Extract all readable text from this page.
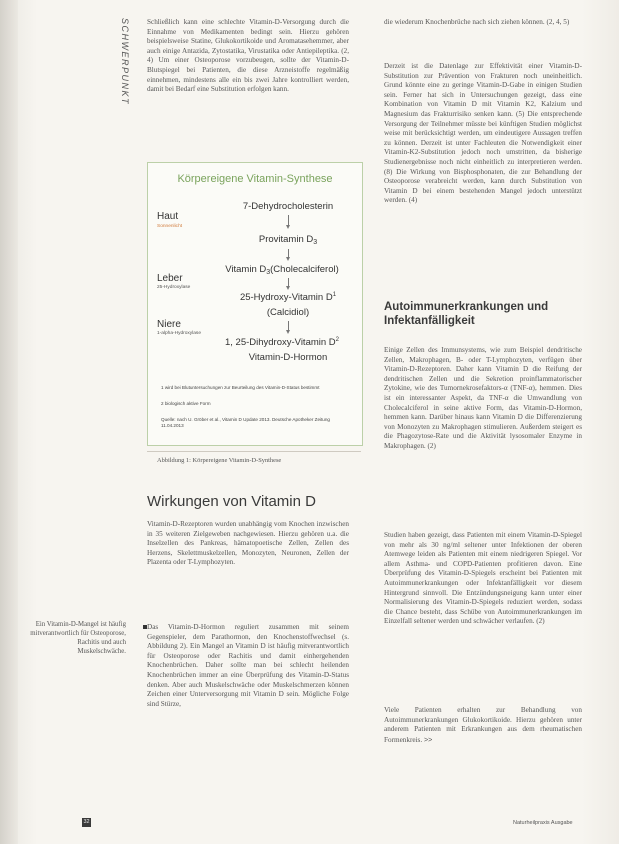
SCHWERPUNKT Schließlich kann eine schlechte Vitamin-D-Versorgung durch die Einnahme von Medikamenten bedingt sein. Hierzu gehören beispielsweise Statine, Glukokortikoide und Aromatasehemmer, aber auch einige Antazida, Zytostatika, Virustatika oder Antiepileptika. (2, 4) Um einer Osteoporose vorzubeugen, sollte der Vitamin-D-Blutspiegel bei Patienten, die diese Arzneistoffe regelmäßig einnehmen, mindestens alle ein bis zwei Jahre kontrolliert werden, damit bei Bedarf eine Substitution erfolgen kann.

Körpereigene Vitamin-Synthese
Haut
Sonnenlicht
7-Dehydrocholesterin
Provitamin $D_3$
Vitamin $D_3(Cholecalciferol)$
Leber
25-Hydroxylase
25-Hydroxy-Vitamin $D^1$
(Calcidiol)
Niere
1-alpha-Hydroxylase
1, 25-Dihydroxy-Vitamin $D^2$
Vitamin-D-Hormon
1 wird bei Blutuntersuchungen zur Beurteilung des Vitamin-D-Status bestimmt
2 biologisch aktive Form
Quelle: nach U. Gröber et al., Vitamin D Update 2013. Deutsche Apotheker Zeitung 11.04.2013
Abbildung 1: Körpereigene Vitamin-D-Synthese
Wirkungen von Vitamin D

Vitamin-D-Rezeptoren wurden unabhängig vom Knochen inzwischen in 35 weiteren Zielgeweben nachgewiesen. Hierzu gehören u.a. die Inselzellen des Pankreas, hämatopoetische Zellen, Zellen des Herzens, Skelettmuskelzellen, Monozyten, Neuronen, Zellen der Plazenta oder T-Lymphozyten.

Das Vitamin-D-Hormon reguliert zusammen mit seinem Gegenspieler, dem Parathormon, den Knochenstoffwechsel (s. Abbildung 2). Ein Mangel an Vitamin D ist häufig mitverantwortlich für Osteoporose oder Rachitis und damit einhergehenden Knochenbrüchen. Daher sollte man bei schlecht heilenden Knochenbrüchen immer an eine Überprüfung des Vitamin-D-Status denken. Aber auch Muskelschwäche oder Muskelschmerzen können Zeichen einer Unterversorgung mit Vitamin D sein. Mögliche Folge sind Stürze,

Ein Vitamin-D-Mangel ist häufig mitverantwortlich für Osteoporose, Rachitis und auch Muskelschwäche.

die wiederum Knochenbrüche nach sich ziehen können. (2, 4, 5)

Derzeit ist die Datenlage zur Effektivität einer Vitamin-D-Substitution zur Prävention von Frakturen noch uneinheitlich. Grund könnte eine zu geringe Vitamin-D-Gabe in einigen Studien sein. Ferner hat sich in Untersuchungen gezeigt, dass eine Kombination von Vitamin D mit Vitamin K2, Kalzium und Magnesium das Frakturrisiko senken kann. (5) Die entsprechende Versorgung der Teilnehmer müsste bei künftigen Studien möglichst weise mit berücksichtigt werden, um eindeutigere Aussagen treffen zu können. Derzeit ist unter Fachleuten die Notwendigkeit einer Vitamin-K2-Substitution jedoch noch umstritten, da bisherige Studienergebnisse noch nicht einheitlich zu interpretieren werden. (8) Die Wirkung von Bisphosphonaten, die zur Behandlung der Osteoporose verabreicht werden, kann durch Substitution von Vitamin D bei einem bestehenden Mangel jedoch unterstützt werden. (4)

Autoimmunerkrankungen und Infektanfälligkeit

Einige Zellen des Immunsystems, wie zum Beispiel dendritische Zellen, Makrophagen, B- oder T-Lymphozyten, verfügen über Vitamin-D-Rezeptoren. Daher kann Vitamin D die Reifung der dendritischen Zellen und die Sekretion proinflammatorischer Zytokine, wie des Tumornekrosefaktors-α (TNF-α), hemmen. Dies ist ein interessanter Aspekt, da TNF-α die Umwandlung von Cholecalciferol in seine aktive Form, das Vitamin-D-Hormon, hemmen kann. Darüber hinaus kann Vitamin D die Differenzierung von Monozyten zu Makrophagen stimulieren. Außerdem steigert es die Phagozytose-Rate und die Aktivität lysosomaler Enzyme in Makrophagen. (2)

Studien haben gezeigt, dass Patienten mit einem Vitamin-D-Spiegel von mehr als 30 ng/ml seltener unter Infektionen der oberen Atemwege leiden als Patienten mit einem niedrigeren Spiegel. Vor allem Asthma- und COPD-Patienten profitieren davon. Eine Überprüfung des Vitamin-D-Spiegels erscheint bei Patienten mit Autoimmunerkrankungen oder Infektanfälligkeit vor diesem Hintergrund sinnvoll. Die Entzündungsneigung kann unter einer Normalisierung des Vitamin-D-Spiegels reduziert werden, sodass die Chance besteht, dass Schübe von Autoimmunerkrankungen im Einzelfall seltener werden und schwächer verlaufen. (2)

Viele Patienten erhalten zur Behandlung von Autoimmunerkrankungen Glukokortikoide. Hierzu gehören unter anderem Patienten mit Erkrankungen aus dem rheumatischen Formenkreis. >>

32	Naturheilpraxis Ausgabe
